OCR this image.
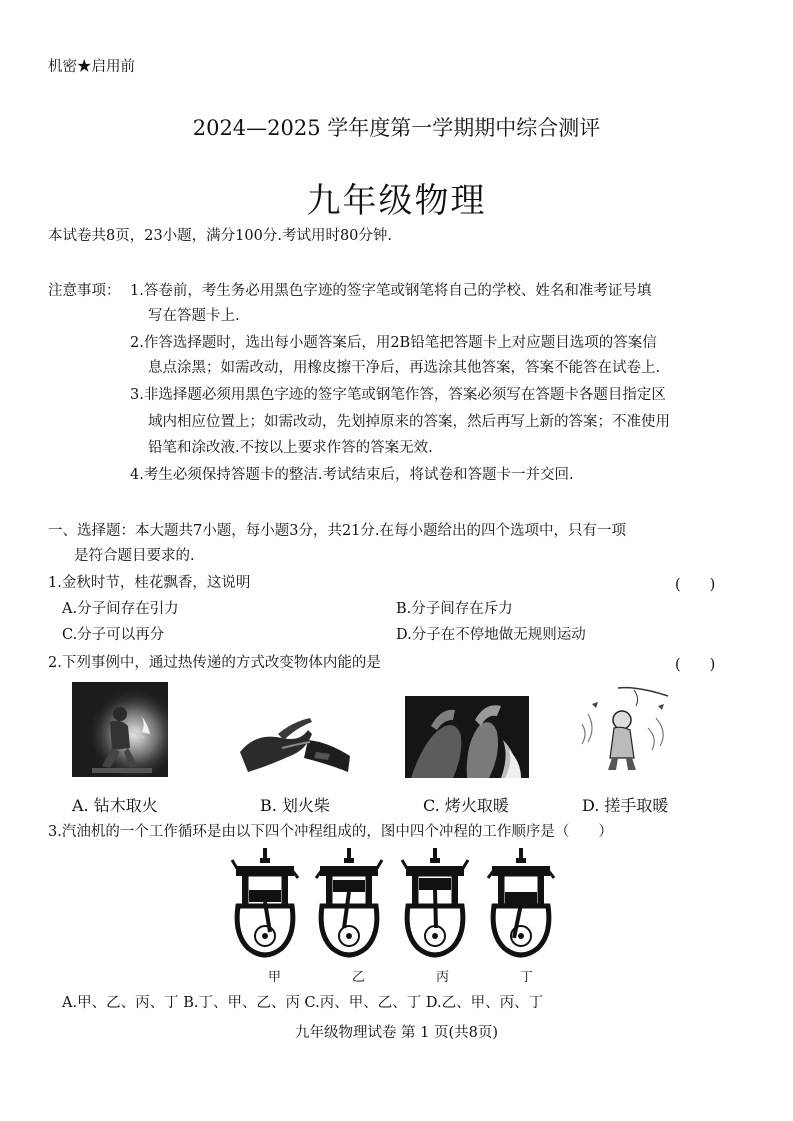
机密★启用前
2024—2025 学年度第一学期期中综合测评
九年级物理
本试卷共8页，23小题，满分100分.考试用时80分钟.
注意事项： 1.答卷前，考生务必用黑色字迹的签字笔或钢笔将自己的学校、姓名和准考证号填
写在答题卡上.
2.作答选择题时，选出每小题答案后，用2B铅笔把答题卡上对应题目选项的答案信
息点涂黑；如需改动，用橡皮擦干净后，再选涂其他答案，答案不能答在试卷上.
3.非选择题必须用黑色字迹的签字笔或钢笔作答，答案必须写在答题卡各题目指定区
域内相应位置上；如需改动，先划掉原来的答案，然后再写上新的答案；不准使用
铅笔和涂改液.不按以上要求作答的答案无效.
4.考生必须保持答题卡的整洁.考试结束后，将试卷和答题卡一并交回.
一、选择题：本大题共7小题，每小题3分，共21分.在每小题给出的四个选项中，只有一项
是符合题目要求的.
1.金秋时节，桂花飘香，这说明	(　　)
A.分子间存在引力	B.分子间存在斥力
C.分子可以再分	D.分子在不停地做无规则运动
2.下列事例中，通过热传递的方式改变物体内能的是	(　　)
A. 钻木取火	B. 划火柴	C. 烤火取暖	D. 搓手取暖
3.汽油机的一个工作循环是由以下四个冲程组成的，图中四个冲程的工作顺序是（　　）
甲	乙	丙	丁
A.甲、乙、丙、丁 B.丁、甲、乙、丙 C.丙、甲、乙、丁 D.乙、甲、丙、丁
九年级物理试卷 第 1 页(共8页)
